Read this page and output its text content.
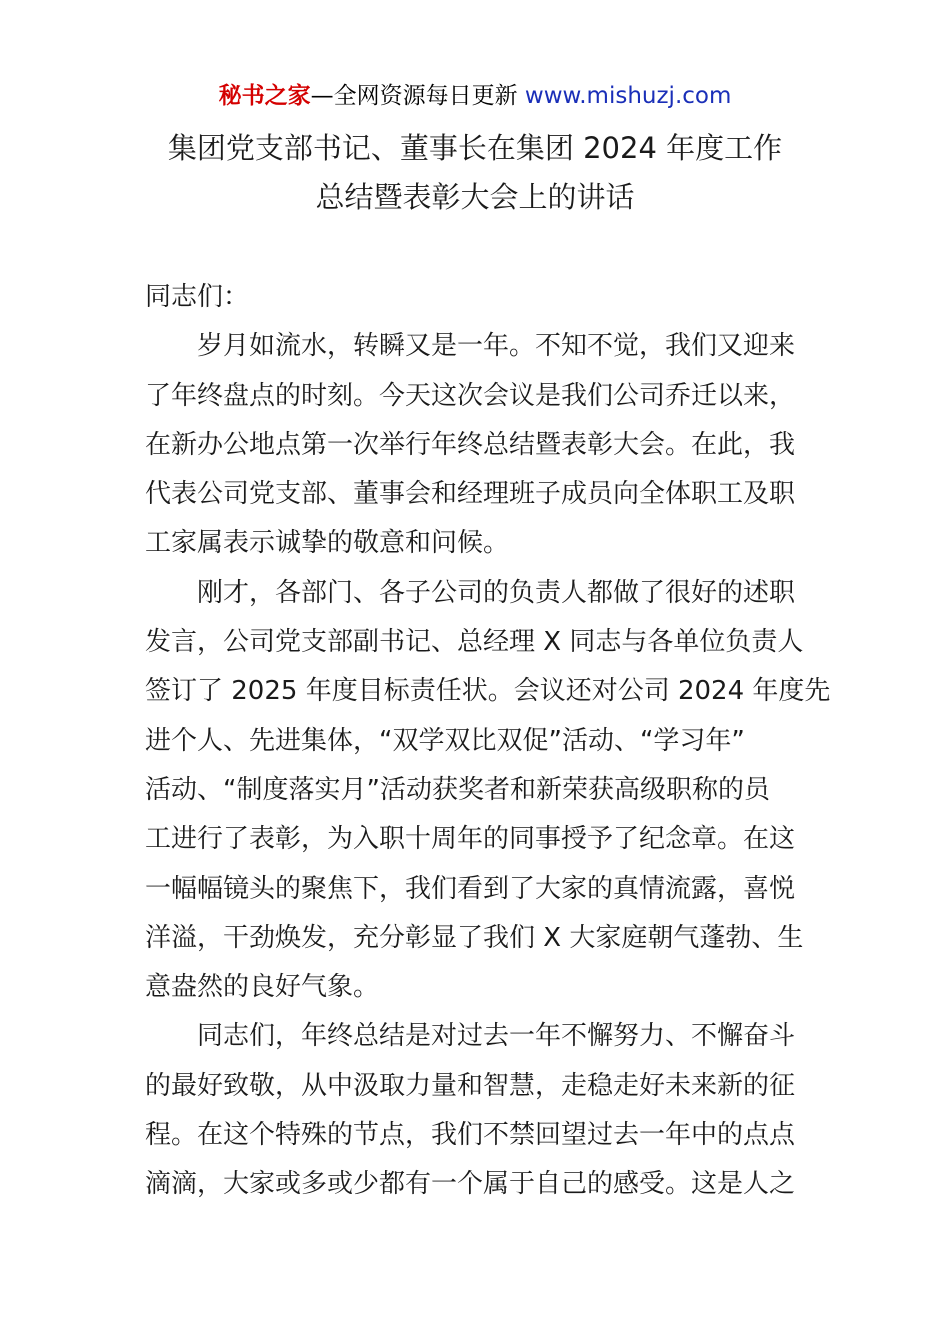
秘书之家—全网资源每日更新 www.mishuzj.com
集团党支部书记、董事长在集团 2024 年度工作
总结暨表彰大会上的讲话
同志们：
岁月如流水，转瞬又是一年。不知不觉，我们又迎来
了年终盘点的时刻。今天这次会议是我们公司乔迁以来，
在新办公地点第一次举行年终总结暨表彰大会。在此，我
代表公司党支部、董事会和经理班子成员向全体职工及职
工家属表示诚挚的敬意和问候。
刚才，各部门、各子公司的负责人都做了很好的述职
发言，公司党支部副书记、总经理 X 同志与各单位负责人
签订了 2025 年度目标责任状。会议还对公司 2024 年度先
进个人、先进集体，“双学双比双促”活动、“学习年”
活动、“制度落实月”活动获奖者和新荣获高级职称的员
工进行了表彰，为入职十周年的同事授予了纪念章。在这
一幅幅镜头的聚焦下，我们看到了大家的真情流露，喜悦
洋溢，干劲焕发，充分彰显了我们 X 大家庭朝气蓬勃、生
意盎然的良好气象。
同志们，年终总结是对过去一年不懈努力、不懈奋斗
的最好致敬，从中汲取力量和智慧，走稳走好未来新的征
程。在这个特殊的节点，我们不禁回望过去一年中的点点
滴滴，大家或多或少都有一个属于自己的感受。这是人之
